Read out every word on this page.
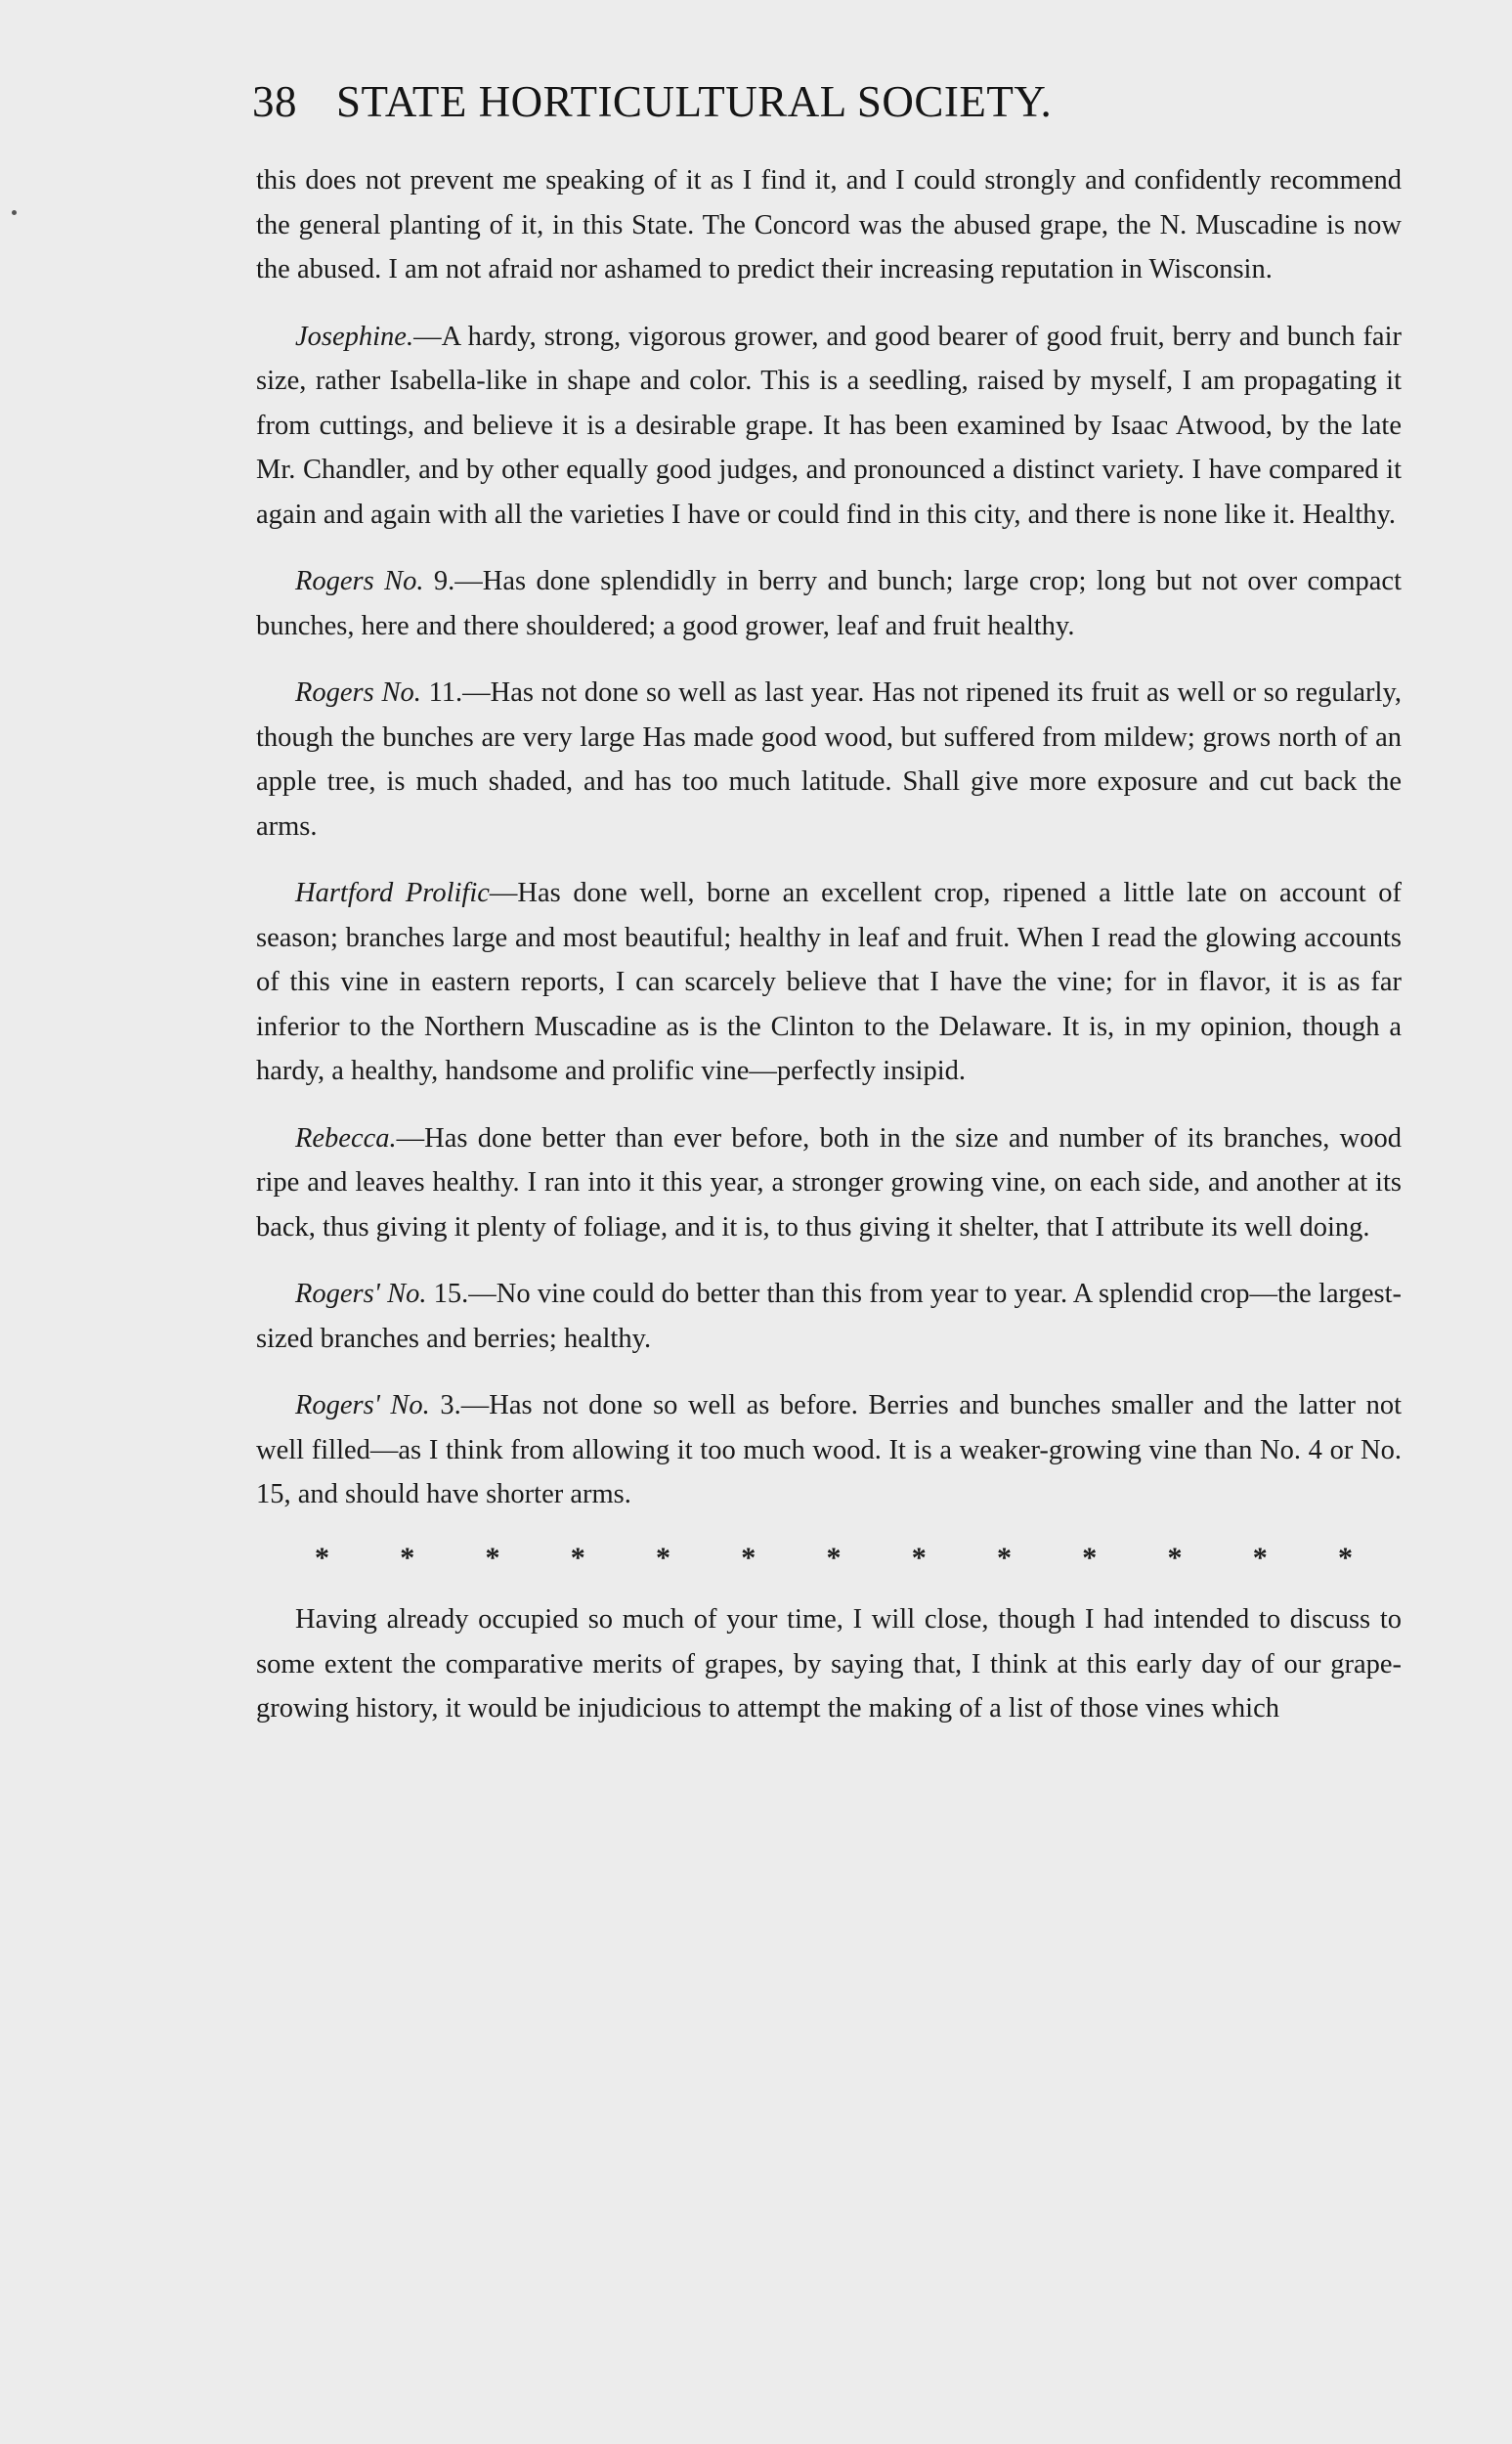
38 STATE HORTICULTURAL SOCIETY.

this does not prevent me speaking of it as I find it, and I could strongly and confidently recommend the general planting of it, in this State. The Concord was the abused grape, the N. Muscadine is now the abused. I am not afraid nor ashamed to predict their increasing reputation in Wisconsin.

Josephine.—A hardy, strong, vigorous grower, and good bearer of good fruit, berry and bunch fair size, rather Isabella-like in shape and color. This is a seedling, raised by myself, I am propagating it from cuttings, and believe it is a desirable grape. It has been examined by Isaac Atwood, by the late Mr. Chandler, and by other equally good judges, and pronounced a distinct variety. I have compared it again and again with all the varieties I have or could find in this city, and there is none like it. Healthy.

Rogers No. 9.—Has done splendidly in berry and bunch; large crop; long but not over compact bunches, here and there shouldered; a good grower, leaf and fruit healthy.

Rogers No. 11.—Has not done so well as last year. Has not ripened its fruit as well or so regularly, though the bunches are very large Has made good wood, but suffered from mildew; grows north of an apple tree, is much shaded, and has too much latitude. Shall give more exposure and cut back the arms.

Hartford Prolific—Has done well, borne an excellent crop, ripened a little late on account of season; branches large and most beautiful; healthy in leaf and fruit. When I read the glowing accounts of this vine in eastern reports, I can scarcely believe that I have the vine; for in flavor, it is as far inferior to the Northern Muscadine as is the Clinton to the Delaware. It is, in my opinion, though a hardy, a healthy, handsome and prolific vine—perfectly insipid.

Rebecca.—Has done better than ever before, both in the size and number of its branches, wood ripe and leaves healthy. I ran into it this year, a stronger growing vine, on each side, and another at its back, thus giving it plenty of foliage, and it is, to thus giving it shelter, that I attribute its well doing.

Rogers' No. 15.—No vine could do better than this from year to year. A splendid crop—the largest-sized branches and berries; healthy.

Rogers' No. 3.—Has not done so well as before. Berries and bunches smaller and the latter not well filled—as I think from allowing it too much wood. It is a weaker-growing vine than No. 4 or No. 15, and should have shorter arms.

* * * * * * * * * * * * *

Having already occupied so much of your time, I will close, though I had intended to discuss to some extent the comparative merits of grapes, by saying that, I think at this early day of our grape-growing history, it would be injudicious to attempt the making of a list of those vines which
